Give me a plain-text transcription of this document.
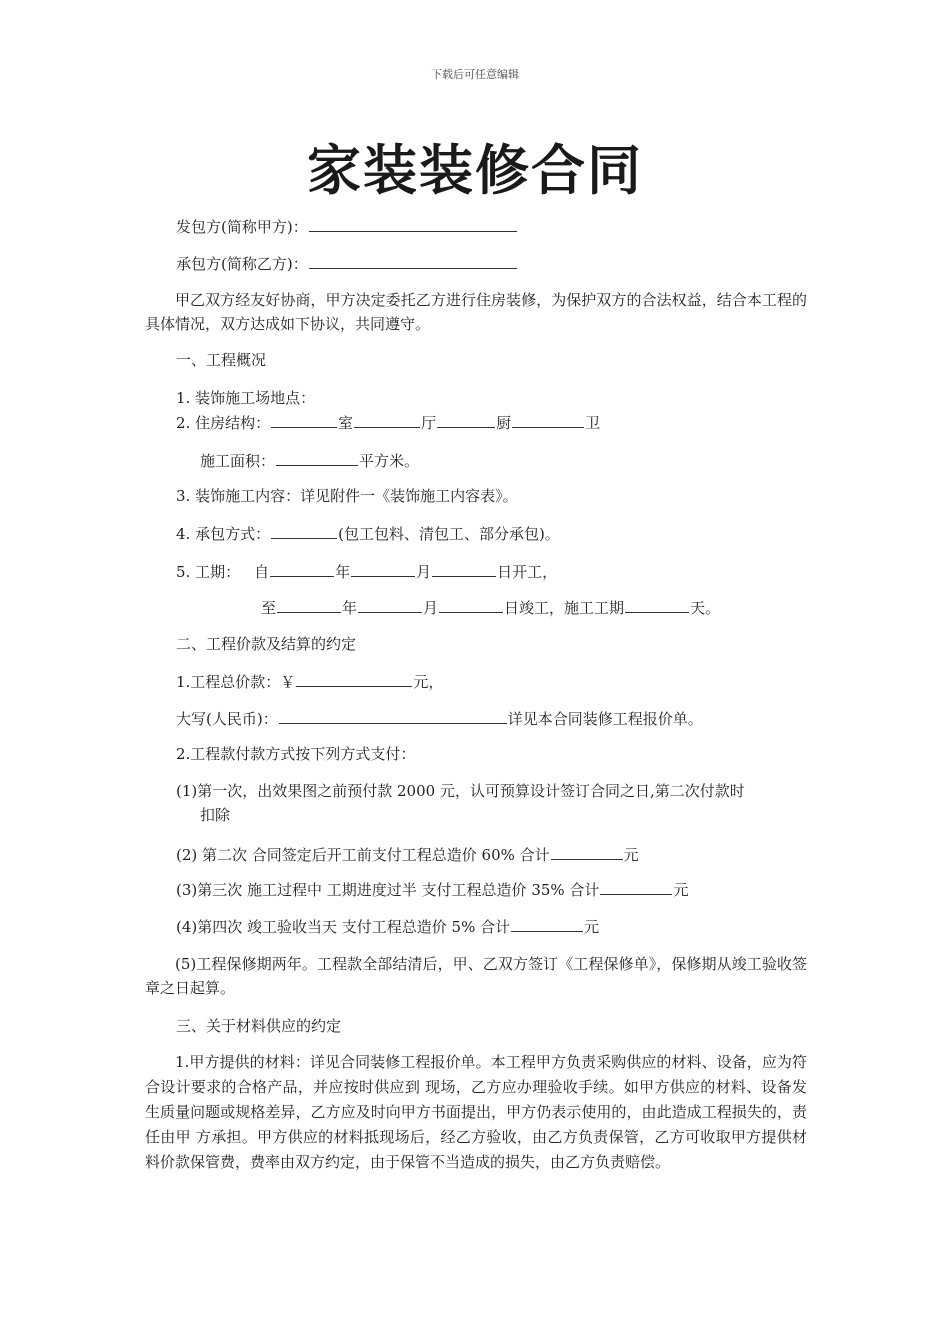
下载后可任意编辑
家装装修合同
发包方(简称甲方)：
承包方(简称乙方)：
甲乙双方经友好协商，甲方决定委托乙方进行住房装修，为保护双方的合法权益，结合本工程的具体情况，双方达成如下协议，共同遵守。
一、工程概况
1. 装饰施工场地点：
2. 住房结构：	室	厅	厨	卫
施工面积：	平方米。
3. 装饰施工内容：详见附件一《装饰施工内容表》。
4. 承包方式：	(包工包料、清包工、部分承包)。
5. 工期： 自	年	月	日开工，
至	年	月	日竣工，施工工期	天。
二、工程价款及结算的约定
1.工程总价款：￥	元，
大写(人民币)：	详见本合同装修工程报价单。
2.工程款付款方式按下列方式支付：
(1)第一次，出效果图之前预付款 2000 元，认可预算设计签订合同之日,第二次付款时
扣除
(2) 第二次 合同签定后开工前支付工程总造价 60% 合计	元
(3)第三次 施工过程中 工期进度过半 支付工程总造价 35% 合计	元
(4)第四次 竣工验收当天 支付工程总造价 5% 合计	元
(5)工程保修期两年。工程款全部结清后，甲、乙双方签订《工程保修单》，保修期从竣工验收签章之日起算。
三、关于材料供应的约定
1.甲方提供的材料：详见合同装修工程报价单。本工程甲方负责采购供应的材料、设备，应为符合设计要求的合格产品，并应按时供应到 现场，乙方应办理验收手续。如甲方供应的材料、设备发生质量问题或规格差异，乙方应及时向甲方书面提出，甲方仍表示使用的，由此造成工程损失的，责任由甲 方承担。甲方供应的材料抵现场后，经乙方验收，由乙方负责保管，乙方可收取甲方提供材料价款保管费，费率由双方约定，由于保管不当造成的损失，由乙方负责赔偿。
